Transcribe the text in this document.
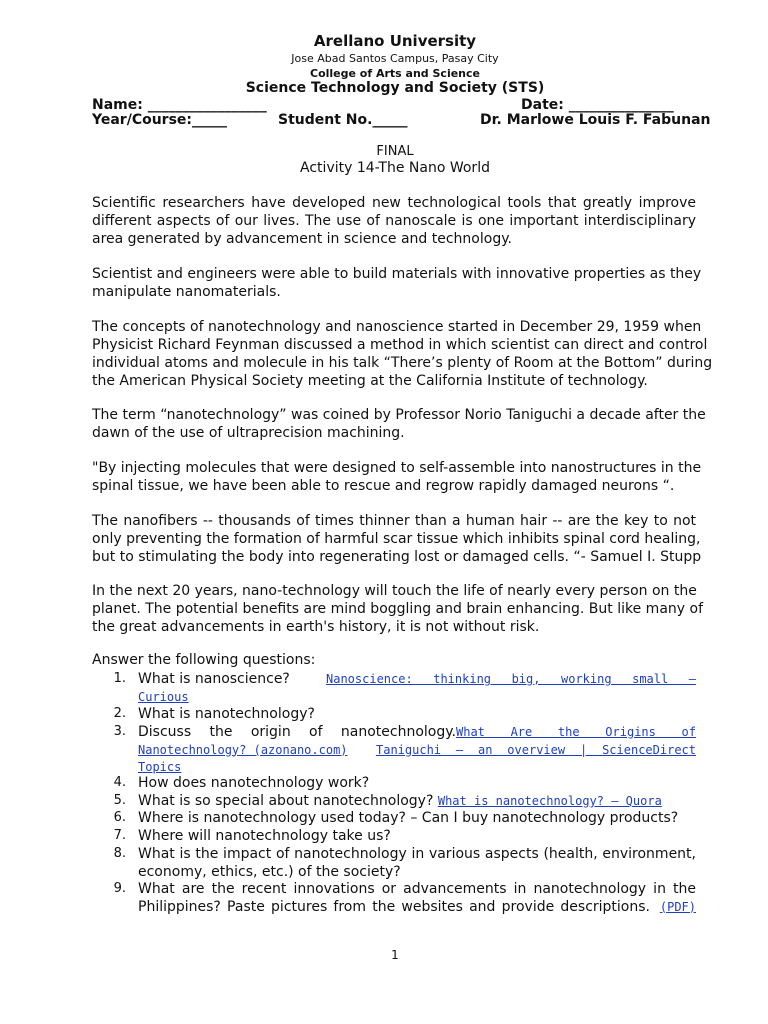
Arellano University
Jose Abad Santos Campus, Pasay City
College of Arts and Science
Science Technology and Society (STS)
Name: _________________	Date: _______________
Year/Course:_____	Student No._____	Dr. Marlowe Louis F. Fabunan
FINAL
Activity 14-The Nano World
Scientific researchers have developed new technological tools that greatly improve
different aspects of our lives. The use of nanoscale is one important interdisciplinary
area generated by advancement in science and technology.
Scientist and engineers were able to build materials with innovative properties as they
manipulate nanomaterials.
The concepts of nanotechnology and nanoscience started in December 29, 1959 when
Physicist Richard Feynman discussed a method in which scientist can direct and control
individual atoms and molecule in his talk “There’s plenty of Room at the Bottom” during
the American Physical Society meeting at the California Institute of technology.
The term “nanotechnology” was coined by Professor Norio Taniguchi a decade after the
dawn of the use of ultraprecision machining.
"By injecting molecules that were designed to self-assemble into nanostructures in the
spinal tissue, we have been able to rescue and regrow rapidly damaged neurons “.
The nanofibers -- thousands of times thinner than a human hair -- are the key to not
only preventing the formation of harmful scar tissue which inhibits spinal cord healing,
but to stimulating the body into regenerating lost or damaged cells. “- Samuel I. Stupp
In the next 20 years, nano-technology will touch the life of nearly every person on the
planet. The potential benefits are mind boggling and brain enhancing. But like many of
the great advancements in earth's history, it is not without risk.
Answer the following questions:
1. What is nanoscience?	Nanoscience: thinking big, working small –
Curious
2. What is nanotechnology?
3. Discuss the origin of nanotechnology. What Are the Origins of
Nanotechnology? (azonano.com) Taniguchi – an overview | ScienceDirect
Topics
4. How does nanotechnology work?
5. What is so special about nanotechnology? What is nanotechnology? – Quora
6. Where is nanotechnology used today? – Can I buy nanotechnology products?
7. Where will nanotechnology take us?
8. What is the impact of nanotechnology in various aspects (health, environment,
economy, ethics, etc.) of the society?
9. What are the recent innovations or advancements in nanotechnology in the
Philippines? Paste pictures from the websites and provide descriptions. (PDF)
1
